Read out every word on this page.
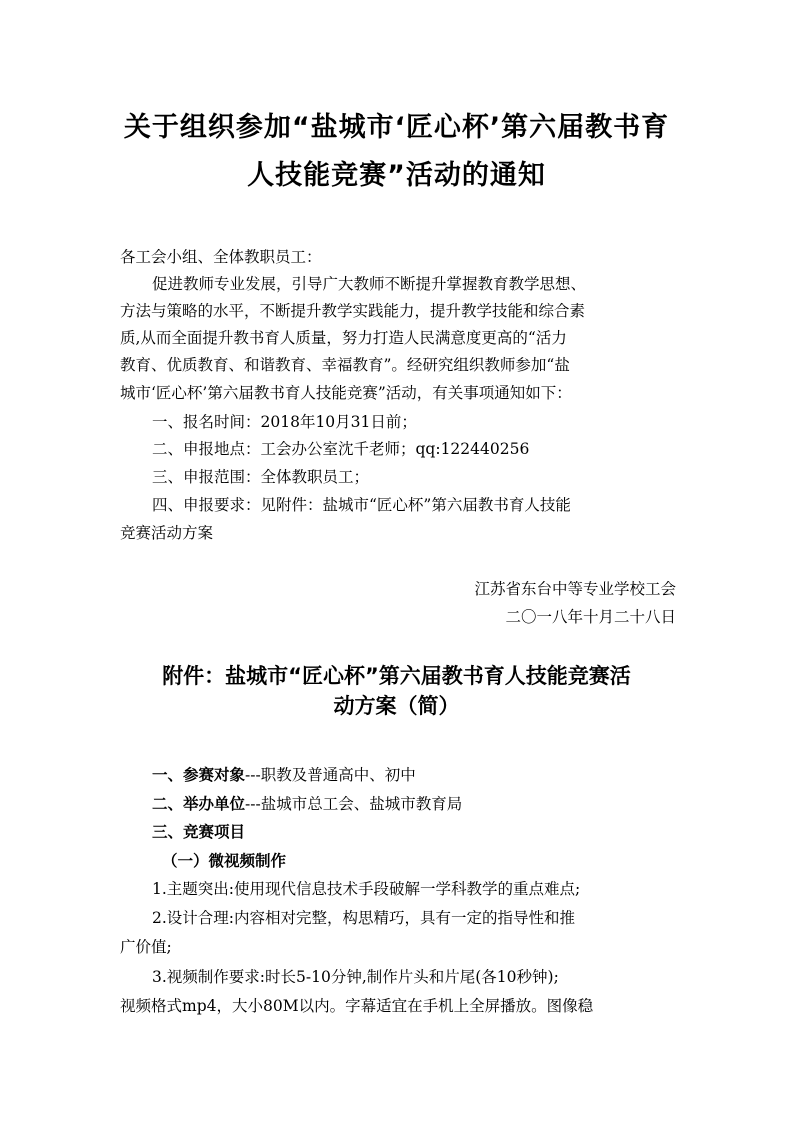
关于组织参加“盐城市‘匠心杯’第六届教书育
人技能竞赛”活动的通知
各工会小组、全体教职员工：
促进教师专业发展，引导广大教师不断提升掌握教育教学思想、
方法与策略的水平，不断提升教学实践能力，提升教学技能和综合素
质,从而全面提升教书育人质量，努力打造人民满意度更高的“活力
教育、优质教育、和谐教育、幸福教育”。经研究组织教师参加“盐
城市‘匠心杯’第六届教书育人技能竞赛”活动，有关事项通知如下：
一、报名时间：2018年10月31日前；
二、申报地点：工会办公室沈千老师；qq:122440256
三、申报范围：全体教职员工；
四、申报要求：见附件：盐城市“匠心杯”第六届教书育人技能
竞赛活动方案
江苏省东台中等专业学校工会
二〇一八年十月二十八日
附件：盐城市“匠心杯”第六届教书育人技能竞赛活
动方案（简）
一、参赛对象---职教及普通高中、初中
二、举办单位---盐城市总工会、盐城市教育局
三、竞赛项目
（一）微视频制作
1.主题突出:使用现代信息技术手段破解一学科教学的重点难点;
2.设计合理:内容相对完整，构思精巧，具有一定的指导性和推
广价值;
3.视频制作要求:时长5-10分钟,制作片头和片尾(各10秒钟);
视频格式mp4，大小80M以内。字幕适宜在手机上全屏播放。图像稳
